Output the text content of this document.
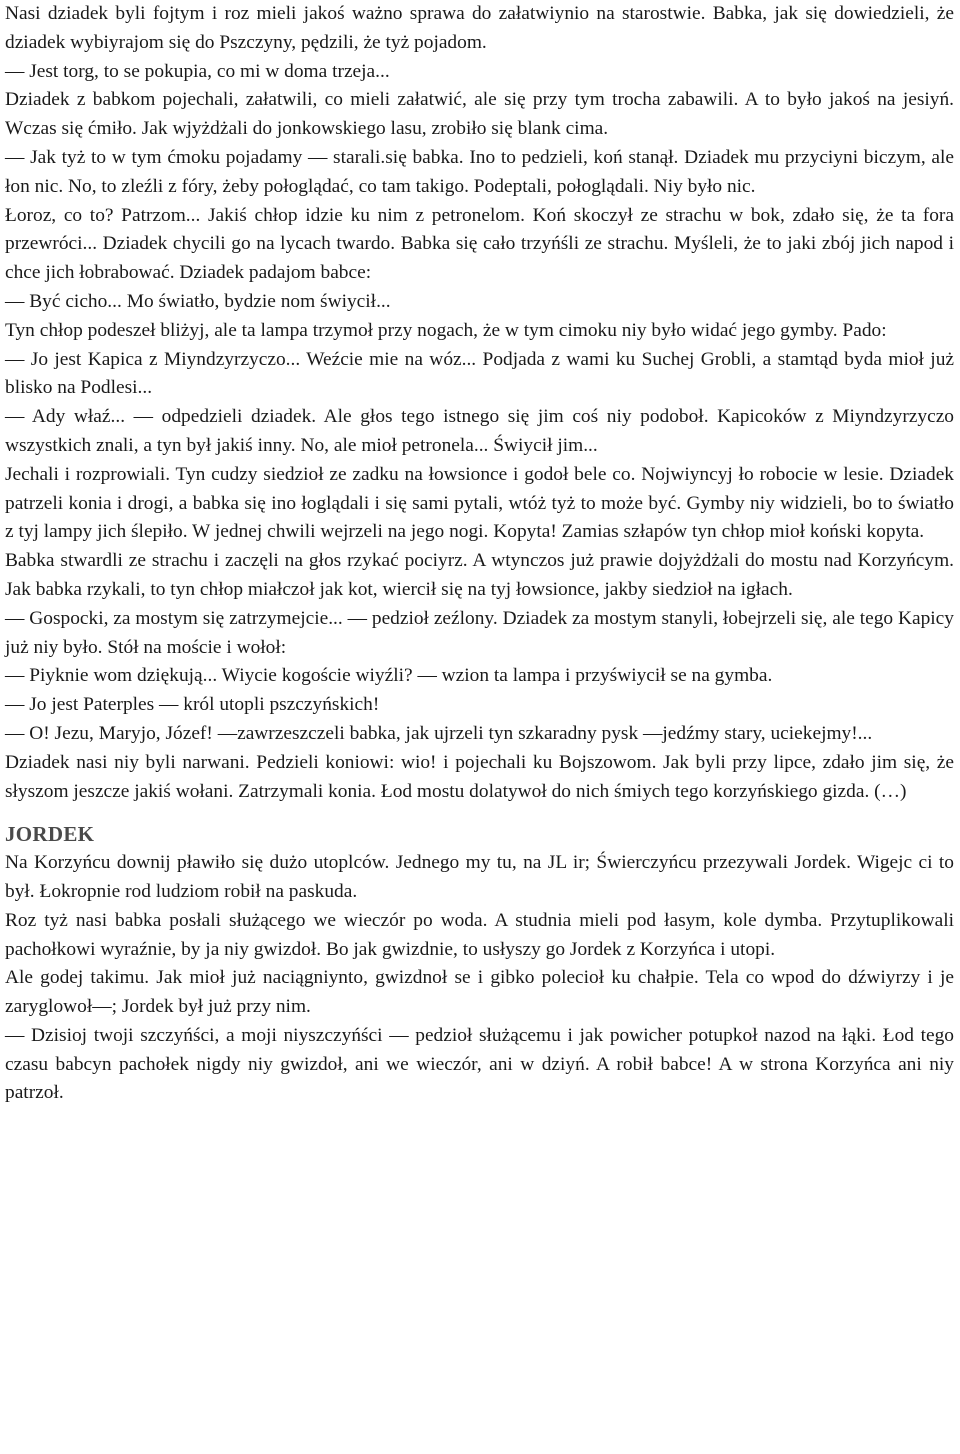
Nasi dziadek byli fojtym i roz mieli jakoś ważno sprawa do załatwiynio na starostwie. Babka, jak się dowiedzieli, że dziadek wybiyrajom się do Pszczyny, pędzili, że tyż pojadom.

— Jest torg, to se pokupia, co mi w doma trzeja...

Dziadek z babkom pojechali, załatwili, co mieli załatwić, ale się przy tym trocha zabawili. A to było jakoś na jesiyń. Wczas się ćmiło. Jak wjyżdżali do jonkowskiego lasu, zrobiło się blank cima.

— Jak tyż to w tym ćmoku pojadamy — starali.się babka. Ino to pedzieli, koń stanął. Dziadek mu przyciyni biczym, ale łon nic. No, to zleźli z fóry, żeby połoglądać, co tam takigo. Podeptali, połoglądali. Niy było nic.

Łoroz, co to? Patrzom... Jakiś chłop idzie ku nim z petronelom. Koń skoczył ze strachu w bok, zdało się, że ta fora przewróci... Dziadek chycili go na lycach twardo. Babka się cało trzyńśli ze strachu. Myśleli, że to jaki zbój jich napod i chce jich łobrabować. Dziadek padajom babce:

— Być cicho... Mo światło, bydzie nom świycił...

Tyn chłop podeszeł bliżyj, ale ta lampa trzymoł przy nogach, że w tym cimoku niy było widać jego gymby. Pado:

— Jo jest Kapica z Miyndzyrzyczo... Weźcie mie na wóz... Podjada z wami ku Suchej Grobli, a stamtąd byda mioł już blisko na Podlesi...

— Ady właź... — odpedzieli dziadek. Ale głos tego istnego się jim coś niy podoboł. Kapicoków z Miyndzyrzyczo wszystkich znali, a tyn był jakiś inny. No, ale mioł petronela... Świycił jim...

Jechali i rozprowiali. Tyn cudzy siedzioł ze zadku na łowsionce i godoł bele co. Nojwiyncyj ło robocie w lesie. Dziadek patrzeli konia i drogi, a babka się ino łoglądali i się sami pytali, wtóż tyż to może być. Gymby niy widzieli, bo to światło z tyj lampy jich ślepiło. W jednej chwili wejrzeli na jego nogi. Kopyta! Zamias szłapów tyn chłop mioł koński kopyta.

Babka stwardli ze strachu i zaczęli na głos rzykać pociyrz. A wtynczos już prawie dojyżdżali do mostu nad Korzyńcym. Jak babka rzykali, to tyn chłop miałczoł jak kot, wiercił się na tyj łowsionce, jakby siedzioł na igłach.

— Gospocki, za mostym się zatrzymejcie... — pedzioł zeźlony. Dziadek za mostym stanyli, łobejrzeli się, ale tego Kapicy już niy było. Stół na moście i wołoł:

— Piyknie wom dziękują... Wiycie kogoście wiyźli? — wzion ta lampa i przyświycił se na gymba.

— Jo jest Paterples — król utopli pszczyńskich!

— O! Jezu, Maryjo, Józef! —zawrzeszczeli babka, jak ujrzeli tyn szkaradny pysk —jedźmy stary, uciekejmy!...

Dziadek nasi niy byli narwani. Pedzieli koniowi: wio! i pojechali ku Bojszowom. Jak byli przy lipce, zdało jim się, że słyszom jeszcze jakiś wołani. Zatrzymali konia. Łod mostu dolatywoł do nich śmiych tego korzyńskiego gizda. (…)

JORDEK

Na Korzyńcu downij pławiło się dużo utoplców. Jednego my tu, na JL ir; Świerczyńcu przezywali Jordek. Wigejc ci to był. Łokropnie rod ludziom robił na paskuda.

Roz tyż nasi babka posłali służącego we wieczór po woda. A studnia mieli pod łasym, kole dymba. Przytuplikowali pachołkowi wyraźnie, by ja niy gwizdoł. Bo jak gwizdnie, to usłyszy go Jordek z Korzyńca i utopi.

Ale godej takimu. Jak mioł już naciągniynto, gwizdnoł se i gibko polecioł ku chałpie. Tela co wpod do dźwiyrzy i je zaryglowoł—; Jordek był już przy nim.

— Dzisioj twoji szczyńści, a moji niyszczyńści — pedzioł służącemu i jak powicher potupkoł nazod na łąki. Łod tego czasu babcyn pachołek nigdy niy gwizdoł, ani we wieczór, ani w dziyń. A robił babce! A w strona Korzyńca ani niy patrzoł.
